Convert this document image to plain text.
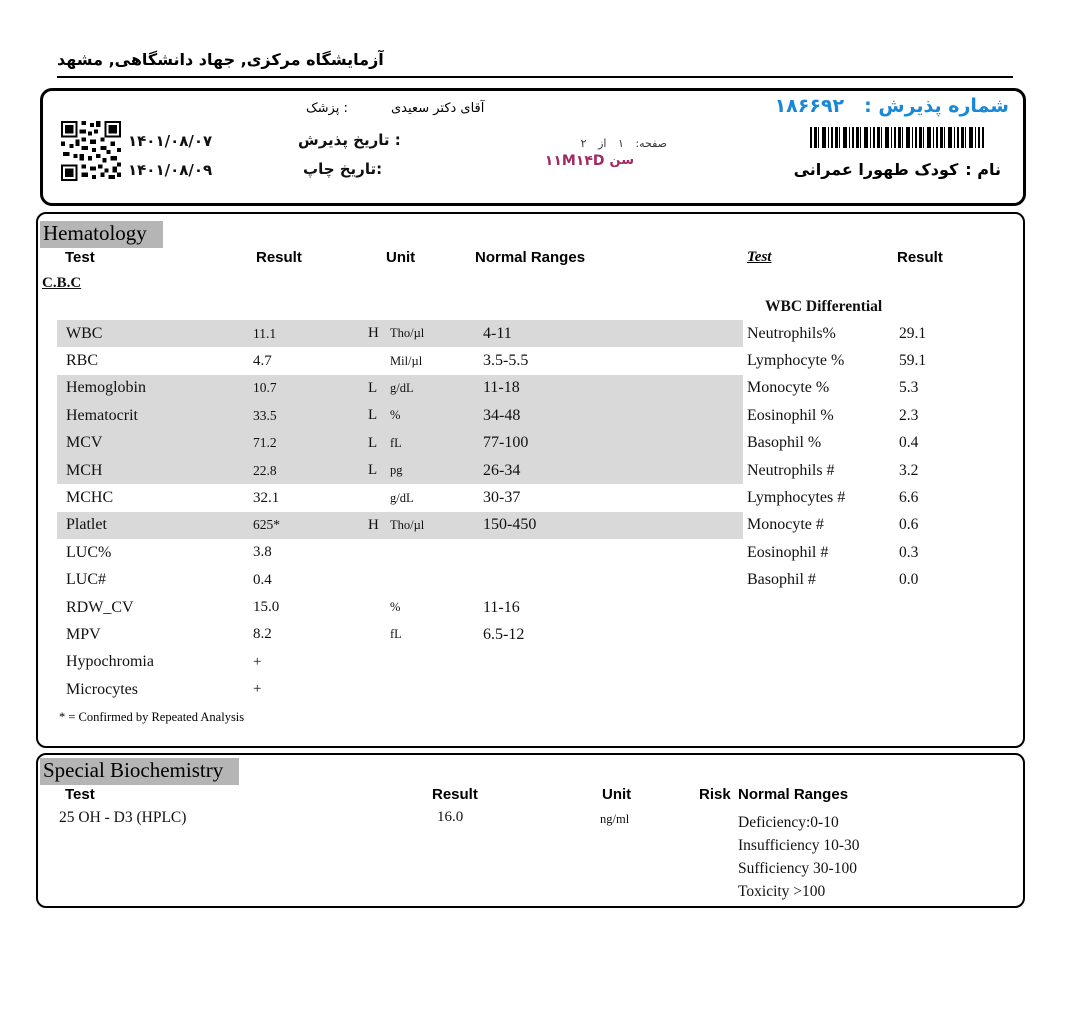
آزمایشگاه مرکزی, جهاد دانشگاهی, مشهد
شماره پذیرش :
۱۸۶۶۹۲
نام :
کودک طهورا عمرانی
صفحه: ۱ از ۲
سن
۱۱M۱۴D
پزشک :	آقای دکتر سعیدی
تاریخ پذیرش :
۱۴۰۱/۰۸/۰۷
تاریخ چاپ:
۱۴۰۱/۰۸/۰۹
Hematology
Test	Result	Unit	Normal Ranges	Test	Result
C.B.C
WBC Differential
WBC	11.1	H Tho/µl	4-11
RBC	4.7	Mil/µl	3.5-5.5
Hemoglobin	10.7	L	g/dL	11-18
Hematocrit	33.5	L	%	34-48
MCV	71.2	L	fL	77-100
MCH	22.8	L	pg	26-34
MCHC	32.1	g/dL	30-37
Platlet	625*	H Tho/µl	150-450
LUC%	3.8
LUC#	0.4
RDW_CV	15.0	%	11-16
MPV	8.2	fL	6.5-12
Hypochromia	+
Microcytes	+
Neutrophils%	29.1
Lymphocyte %	59.1
Monocyte %	5.3
Eosinophil %	2.3
Basophil %	0.4
Neutrophils #	3.2
Lymphocytes #	6.6
Monocyte #	0.6
Eosinophil #	0.3
Basophil #	0.0
* = Confirmed by Repeated Analysis
Special Biochemistry
Test	Result	Unit	Risk Normal Ranges
25 OH - D3 (HPLC)	16.0	ng/ml	Deficiency:0-10
Insufficiency 10-30
Sufficiency 30-100
Toxicity >100
